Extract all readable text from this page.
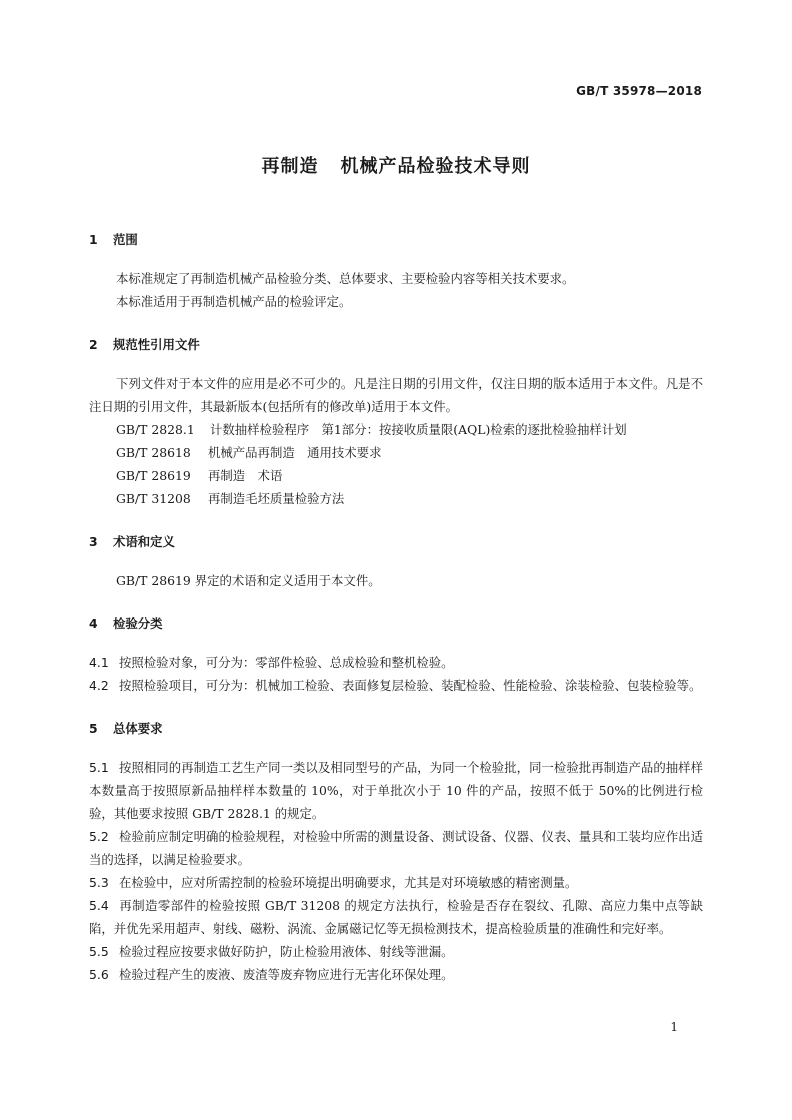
GB/T 35978—2018
再制造 机械产品检验技术导则
1	范围
本标准规定了再制造机械产品检验分类、总体要求、主要检验内容等相关技术要求。
本标准适用于再制造机械产品的检验评定。
2	规范性引用文件
下列文件对于本文件的应用是必不可少的。凡是注日期的引用文件，仅注日期的版本适用于本文件。凡是不注日期的引用文件，其最新版本(包括所有的修改单)适用于本文件。
GB/T 2828.1 计数抽样检验程序　第1部分：按接收质量限(AQL)检索的逐批检验抽样计划
GB/T 28618 机械产品再制造　通用技术要求
GB/T 28619 再制造　术语
GB/T 31208 再制造毛坯质量检验方法
3	术语和定义
GB/T 28619 界定的术语和定义适用于本文件。
4	检验分类
4.1 按照检验对象，可分为：零部件检验、总成检验和整机检验。
4.2 按照检验项目，可分为：机械加工检验、表面修复层检验、装配检验、性能检验、涂装检验、包装检验等。
5	总体要求
5.1 按照相同的再制造工艺生产同一类以及相同型号的产品，为同一个检验批，同一检验批再制造产品的抽样样本数量高于按照原新品抽样样本数量的 10%，对于单批次小于 10 件的产品，按照不低于 50%的比例进行检验，其他要求按照 GB/T 2828.1 的规定。
5.2 检验前应制定明确的检验规程，对检验中所需的测量设备、测试设备、仪器、仪表、量具和工装均应作出适当的选择，以满足检验要求。
5.3 在检验中，应对所需控制的检验环境提出明确要求，尤其是对环境敏感的精密测量。
5.4 再制造零部件的检验按照 GB/T 31208 的规定方法执行，检验是否存在裂纹、孔隙、高应力集中点等缺陷，并优先采用超声、射线、磁粉、涡流、金属磁记忆等无损检测技术，提高检验质量的准确性和完好率。
5.5 检验过程应按要求做好防护，防止检验用液体、射线等泄漏。
5.6 检验过程产生的废液、废渣等废弃物应进行无害化环保处理。
1
